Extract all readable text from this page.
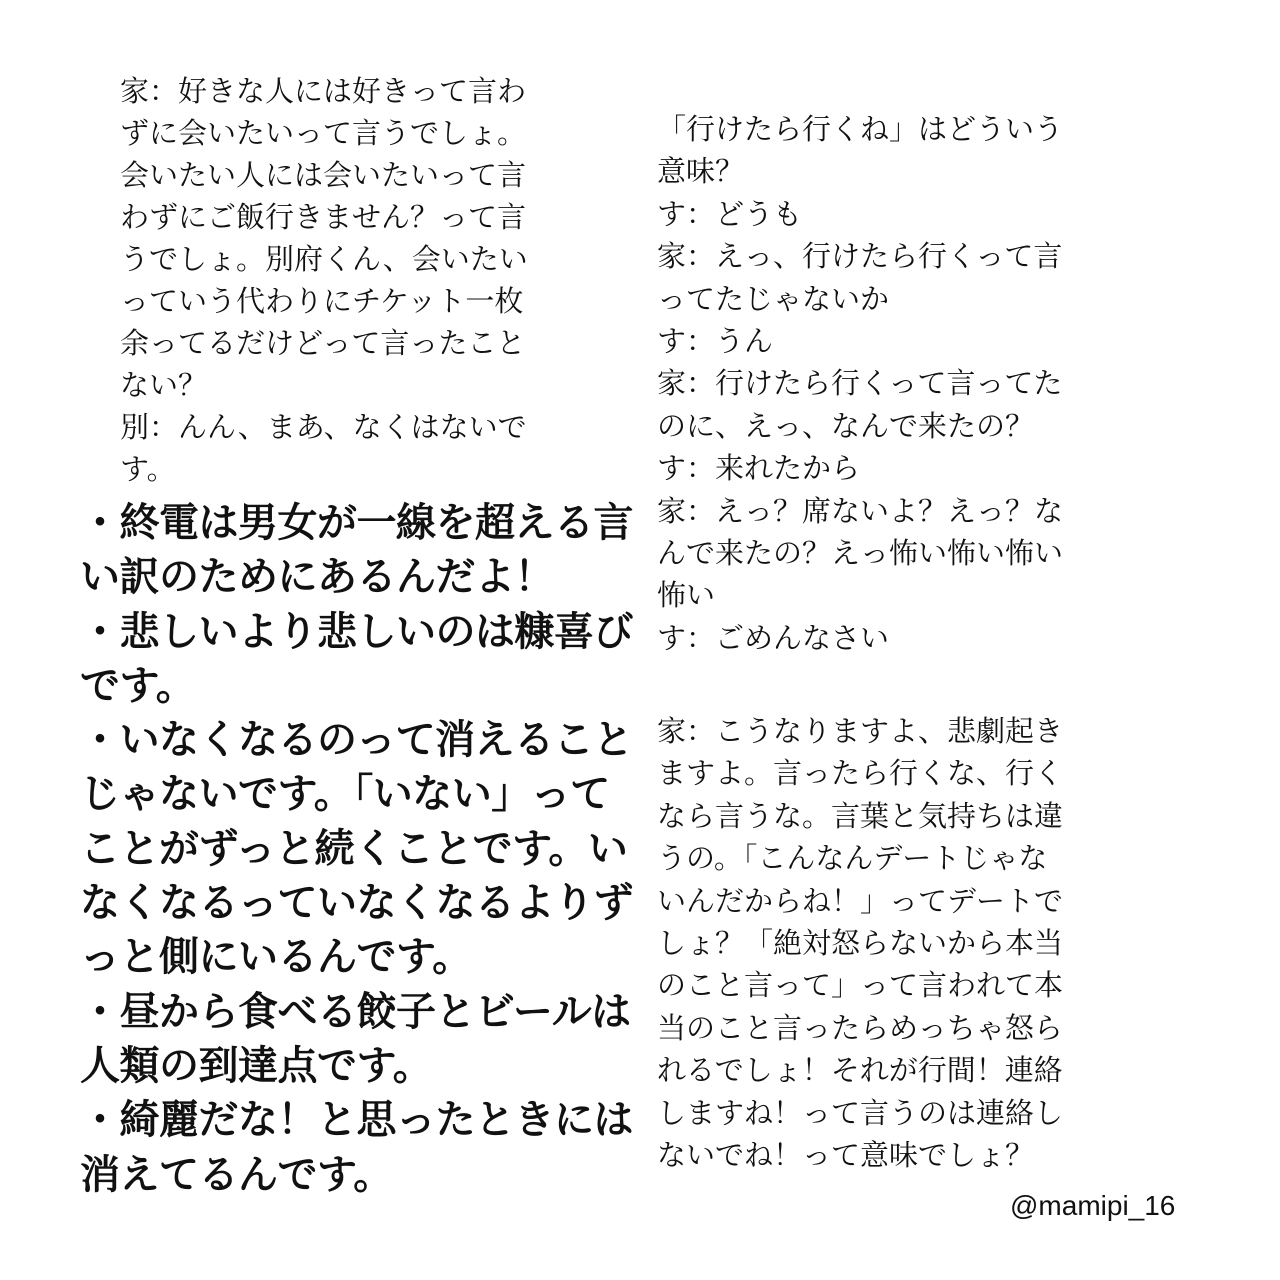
家：好きな人には好きって言わ
ずに会いたいって言うでしょ。
会いたい人には会いたいって言
わずにご飯行きません？って言
うでしょ。別府くん、会いたい
っていう代わりにチケット一枚
余ってるだけどって言ったこと
ない？
別：んん、まあ、なくはないで
す。
・終電は男女が一線を超える言
い訳のためにあるんだよ！
・悲しいより悲しいのは糠喜び
です。
・いなくなるのって消えること
じゃないです。「いない」って
ことがずっと続くことです。い
なくなるっていなくなるよりず
っと側にいるんです。
・昼から食べる餃子とビールは
人類の到達点です。
・綺麗だな！と思ったときには
消えてるんです。
「行けたら行くね」はどういう
意味？
す：どうも
家：えっ、行けたら行くって言
ってたじゃないか
す：うん
家：行けたら行くって言ってた
のに、えっ、なんで来たの？
す：来れたから
家：えっ？席ないよ？えっ？な
んで来たの？えっ怖い怖い怖い
怖い
す：ごめんなさい
家：こうなりますよ、悲劇起き
ますよ。言ったら行くな、行く
なら言うな。言葉と気持ちは違
うの。「こんなんデートじゃな
いんだからね！」ってデートで
しょ？「絶対怒らないから本当
のこと言って」って言われて本
当のこと言ったらめっちゃ怒ら
れるでしょ！それが行間！連絡
しますね！って言うのは連絡し
ないでね！って意味でしょ？
@mamipi_16
